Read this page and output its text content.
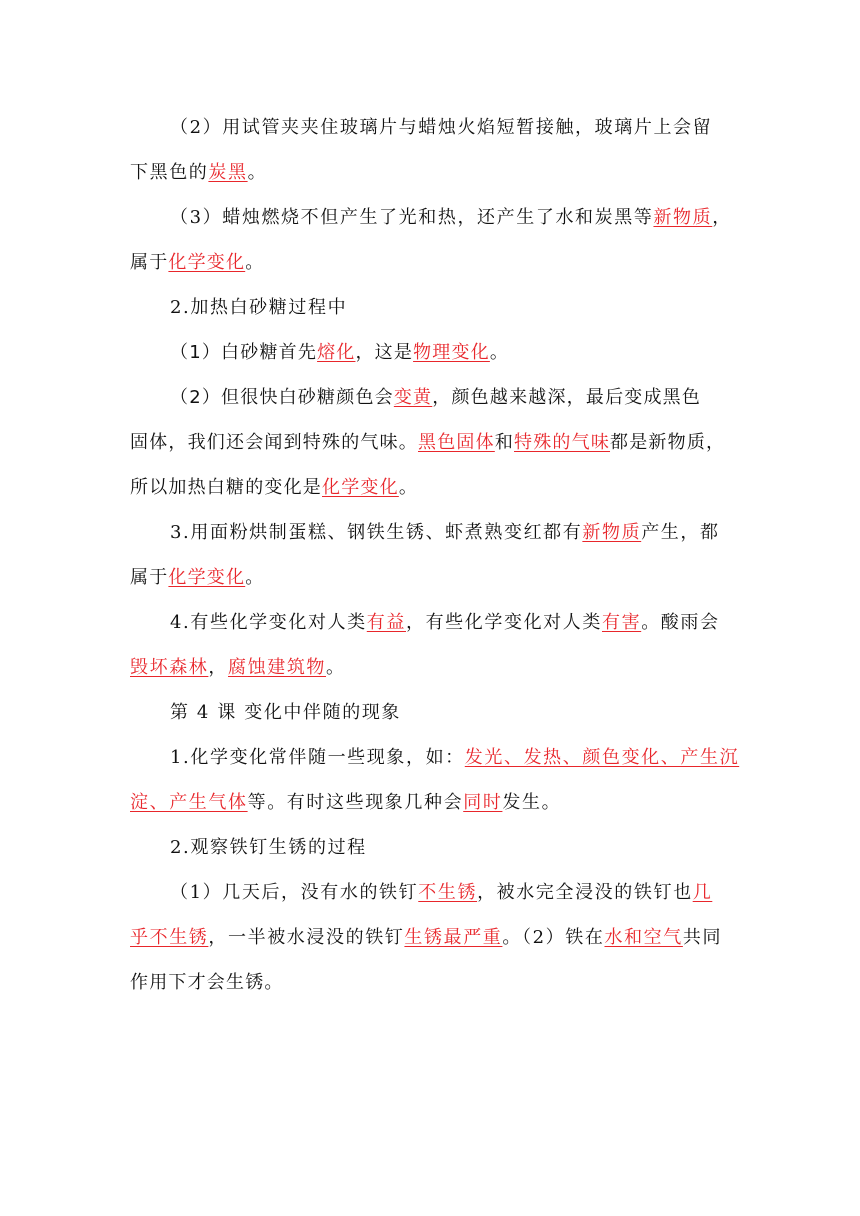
（2）用试管夹夹住玻璃片与蜡烛火焰短暂接触，玻璃片上会留
下黑色的炭黑。
（3）蜡烛燃烧不但产生了光和热，还产生了水和炭黑等新物质，
属于化学变化。
2.加热白砂糖过程中
（1）白砂糖首先熔化，这是物理变化。
（2）但很快白砂糖颜色会变黄，颜色越来越深，最后变成黑色
固体，我们还会闻到特殊的气味。黑色固体和特殊的气味都是新物质，
所以加热白糖的变化是化学变化。
3.用面粉烘制蛋糕、钢铁生锈、虾煮熟变红都有新物质产生，都
属于化学变化。
4.有些化学变化对人类有益，有些化学变化对人类有害。酸雨会
毁坏森林，腐蚀建筑物。
第 4 课 变化中伴随的现象
1.化学变化常伴随一些现象，如：发光、发热、颜色变化、产生沉
淀、产生气体等。有时这些现象几种会同时发生。
2.观察铁钉生锈的过程
（1）几天后，没有水的铁钉不生锈，被水完全浸没的铁钉也几
乎不生锈，一半被水浸没的铁钉生锈最严重。（2）铁在水和空气共同
作用下才会生锈。
